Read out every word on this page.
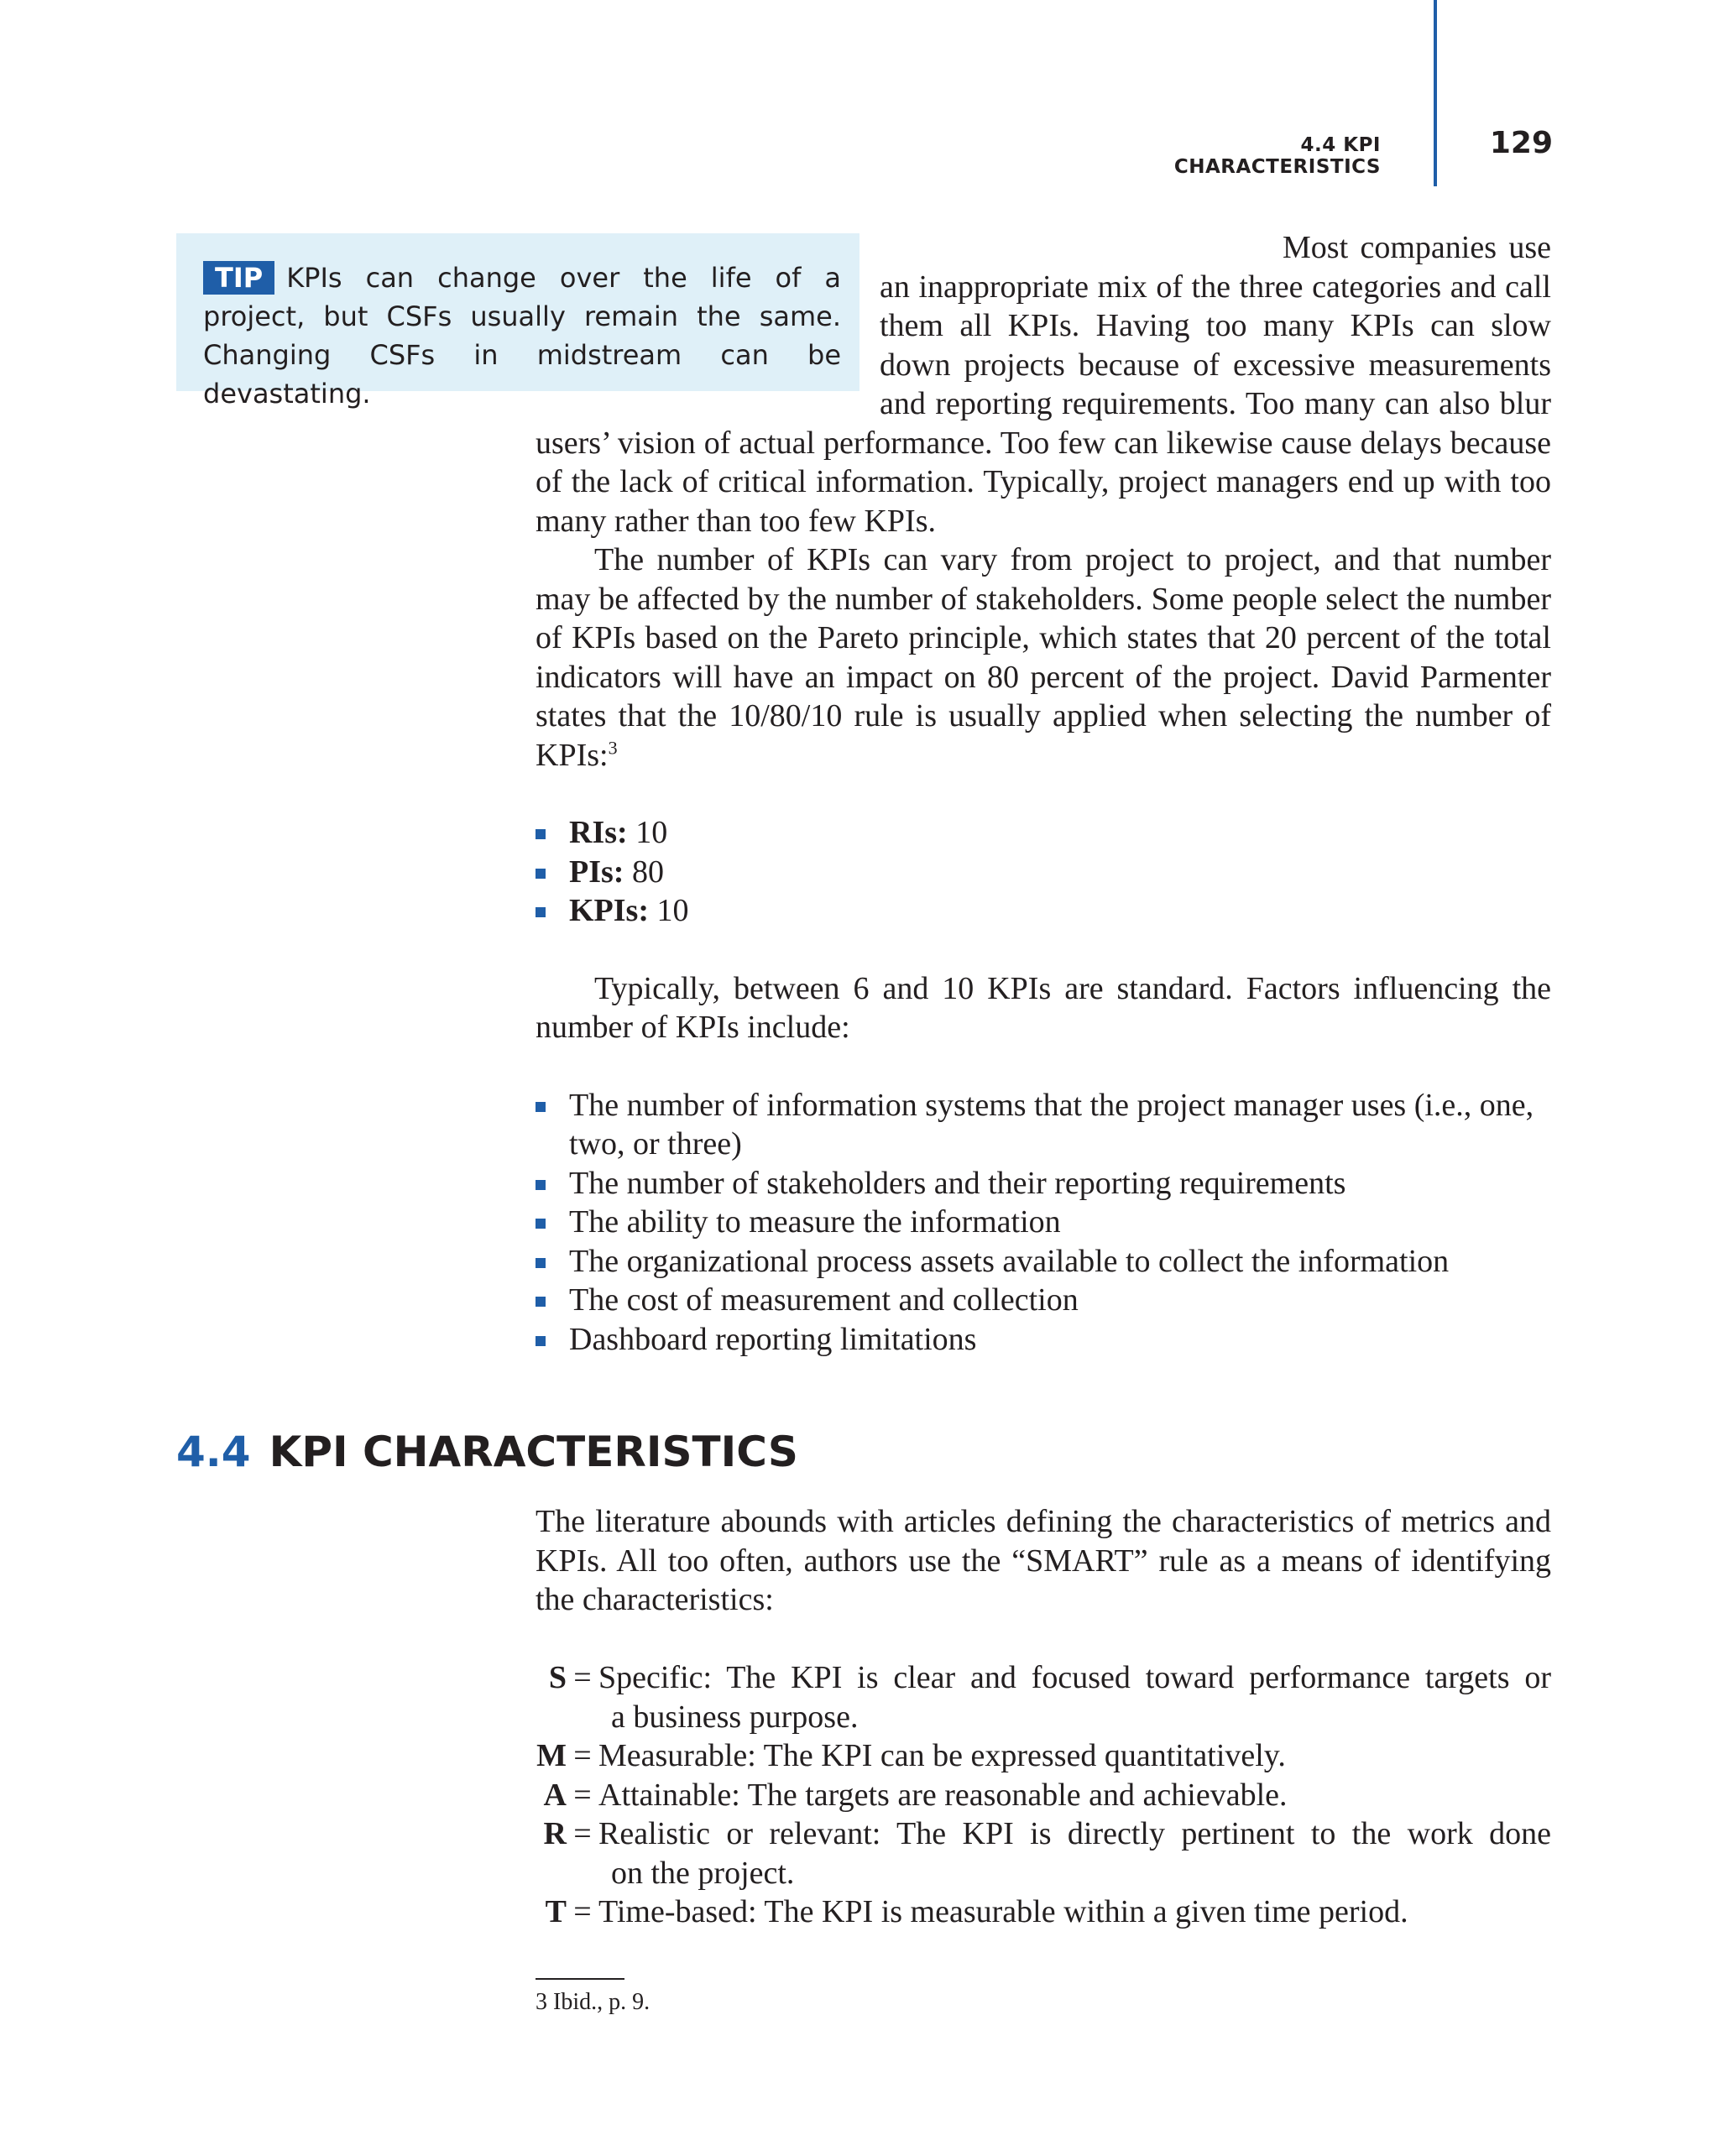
4.4 KPI CHARACTERISTICS
129

TIP KPIs can change over the life of a project, but CSFs usually remain the same. Changing CSFs in midstream can be devastating.

Most companies use an inappropriate mix of the three categories and call them all KPIs. Having too many KPIs can slow down projects because of excessive measurements and reporting requirements. Too many can also blur users’ vision of actual performance. Too few can likewise cause delays because of the lack of critical information. Typically, project managers end up with too many rather than too few KPIs.

The number of KPIs can vary from project to project, and that number may be affected by the number of stakeholders. Some people select the number of KPIs based on the Pareto principle, which states that 20 percent of the total indicators will have an impact on 80 percent of the project. David Parmenter states that the 10/80/10 rule is usually applied when selecting the number of KPIs:$^3$

RIs: 10
PIs: 80
KPIs: 10

Typically, between 6 and 10 KPIs are standard. Factors influencing the number of KPIs include:

The number of information systems that the project manager uses (i.e., one, two, or three)
The number of stakeholders and their reporting requirements
The ability to measure the information
The organizational process assets available to collect the information
The cost of measurement and collection
Dashboard reporting limitations
4.4 KPI CHARACTERISTICS

The literature abounds with articles defining the characteristics of metrics and KPIs. All too often, authors use the “SMART” rule as a means of identifying the characteristics:

S = Specific: The KPI is clear and focused toward performance targets or
a business purpose.
M = Measurable: The KPI can be expressed quantitatively.
A = Attainable: The targets are reasonable and achievable.
R = Realistic or relevant: The KPI is directly pertinent to the work done
on the project.
T = Time-based: The KPI is measurable within a given time period.
3 Ibid., p. 9.
